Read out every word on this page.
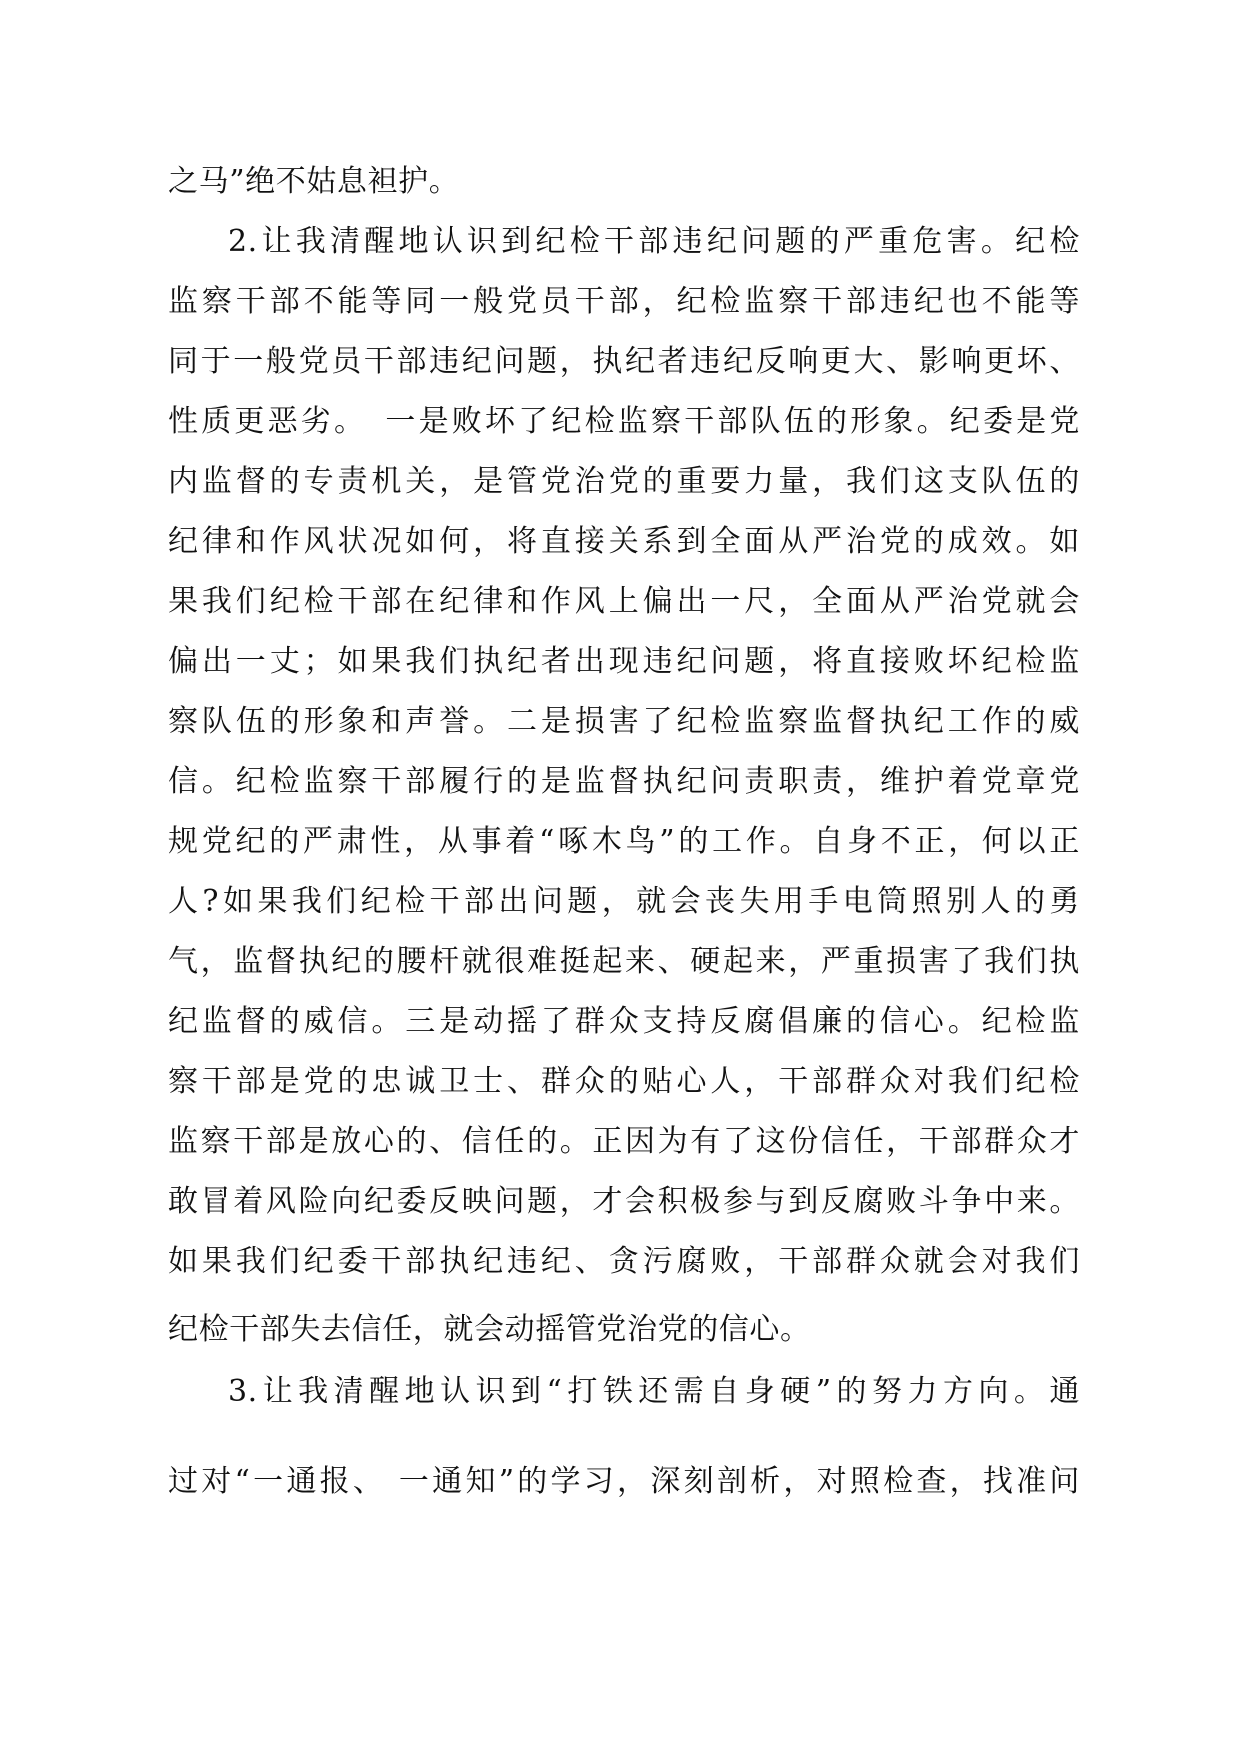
之马”绝不姑息袒护。
2.让我清醒地认识到纪检干部违纪问题的严重危害。纪检
监察干部不能等同一般党员干部，纪检监察干部违纪也不能等
同于一般党员干部违纪问题，执纪者违纪反响更大、影响更坏、
性质更恶劣。　一是败坏了纪检监察干部队伍的形象。纪委是党
内监督的专责机关，是管党治党的重要力量，我们这支队伍的
纪律和作风状况如何，将直接关系到全面从严治党的成效。如
果我们纪检干部在纪律和作风上偏出一尺，全面从严治党就会
偏出一丈；如果我们执纪者出现违纪问题，将直接败坏纪检监
察队伍的形象和声誉。二是损害了纪检监察监督执纪工作的威
信。纪检监察干部履行的是监督执纪问责职责，维护着党章党
规党纪的严肃性，从事着“啄木鸟”的工作。自身不正，何以正
人?如果我们纪检干部出问题，就会丧失用手电筒照别人的勇
气，监督执纪的腰杆就很难挺起来、硬起来，严重损害了我们执
纪监督的威信。三是动摇了群众支持反腐倡廉的信心。纪检监
察干部是党的忠诚卫士、群众的贴心人，干部群众对我们纪检
监察干部是放心的、信任的。正因为有了这份信任，干部群众才
敢冒着风险向纪委反映问题，才会积极参与到反腐败斗争中来。
如果我们纪委干部执纪违纪、贪污腐败，干部群众就会对我们
纪检干部失去信任，就会动摇管党治党的信心。
3.让我清醒地认识到“打铁还需自身硬”的努力方向。通
过对“一通报、 一通知”的学习，深刻剖析，对照检查，找准问
